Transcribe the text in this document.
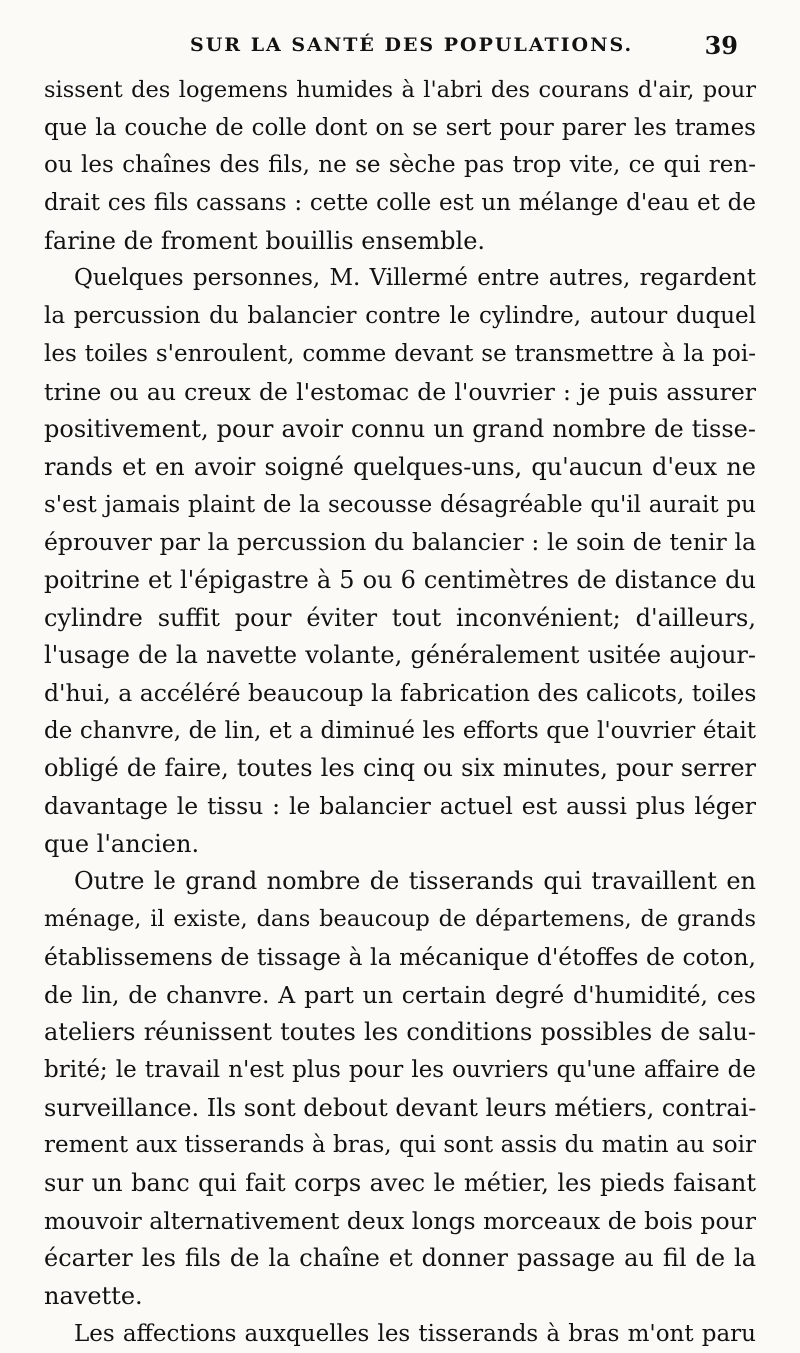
SUR LA SANTÉ DES POPULATIONS.	39
sissent des logemens humides à l'abri des courans d'air, pour
que la couche de colle dont on se sert pour parer les trames
ou les chaînes des fils, ne se sèche pas trop vite, ce qui ren-
drait ces fils cassans : cette colle est un mélange d'eau et de
farine de froment bouillis ensemble.
Quelques personnes, M. Villermé entre autres, regardent
la percussion du balancier contre le cylindre, autour duquel
les toiles s'enroulent, comme devant se transmettre à la poi-
trine ou au creux de l'estomac de l'ouvrier : je puis assurer
positivement, pour avoir connu un grand nombre de tisse-
rands et en avoir soigné quelques-uns, qu'aucun d'eux ne
s'est jamais plaint de la secousse désagréable qu'il aurait pu
éprouver par la percussion du balancier : le soin de tenir la
poitrine et l'épigastre à 5 ou 6 centimètres de distance du
cylindre suffit pour éviter tout inconvénient; d'ailleurs,
l'usage de la navette volante, généralement usitée aujour-
d'hui, a accéléré beaucoup la fabrication des calicots, toiles
de chanvre, de lin, et a diminué les efforts que l'ouvrier était
obligé de faire, toutes les cinq ou six minutes, pour serrer
davantage le tissu : le balancier actuel est aussi plus léger
que l'ancien.
Outre le grand nombre de tisserands qui travaillent en
ménage, il existe, dans beaucoup de départemens, de grands
établissemens de tissage à la mécanique d'étoffes de coton,
de lin, de chanvre. A part un certain degré d'humidité, ces
ateliers réunissent toutes les conditions possibles de salu-
brité; le travail n'est plus pour les ouvriers qu'une affaire de
surveillance. Ils sont debout devant leurs métiers, contrai-
rement aux tisserands à bras, qui sont assis du matin au soir
sur un banc qui fait corps avec le métier, les pieds faisant
mouvoir alternativement deux longs morceaux de bois pour
écarter les fils de la chaîne et donner passage au fil de la
navette.
Les affections auxquelles les tisserands à bras m'ont paru
